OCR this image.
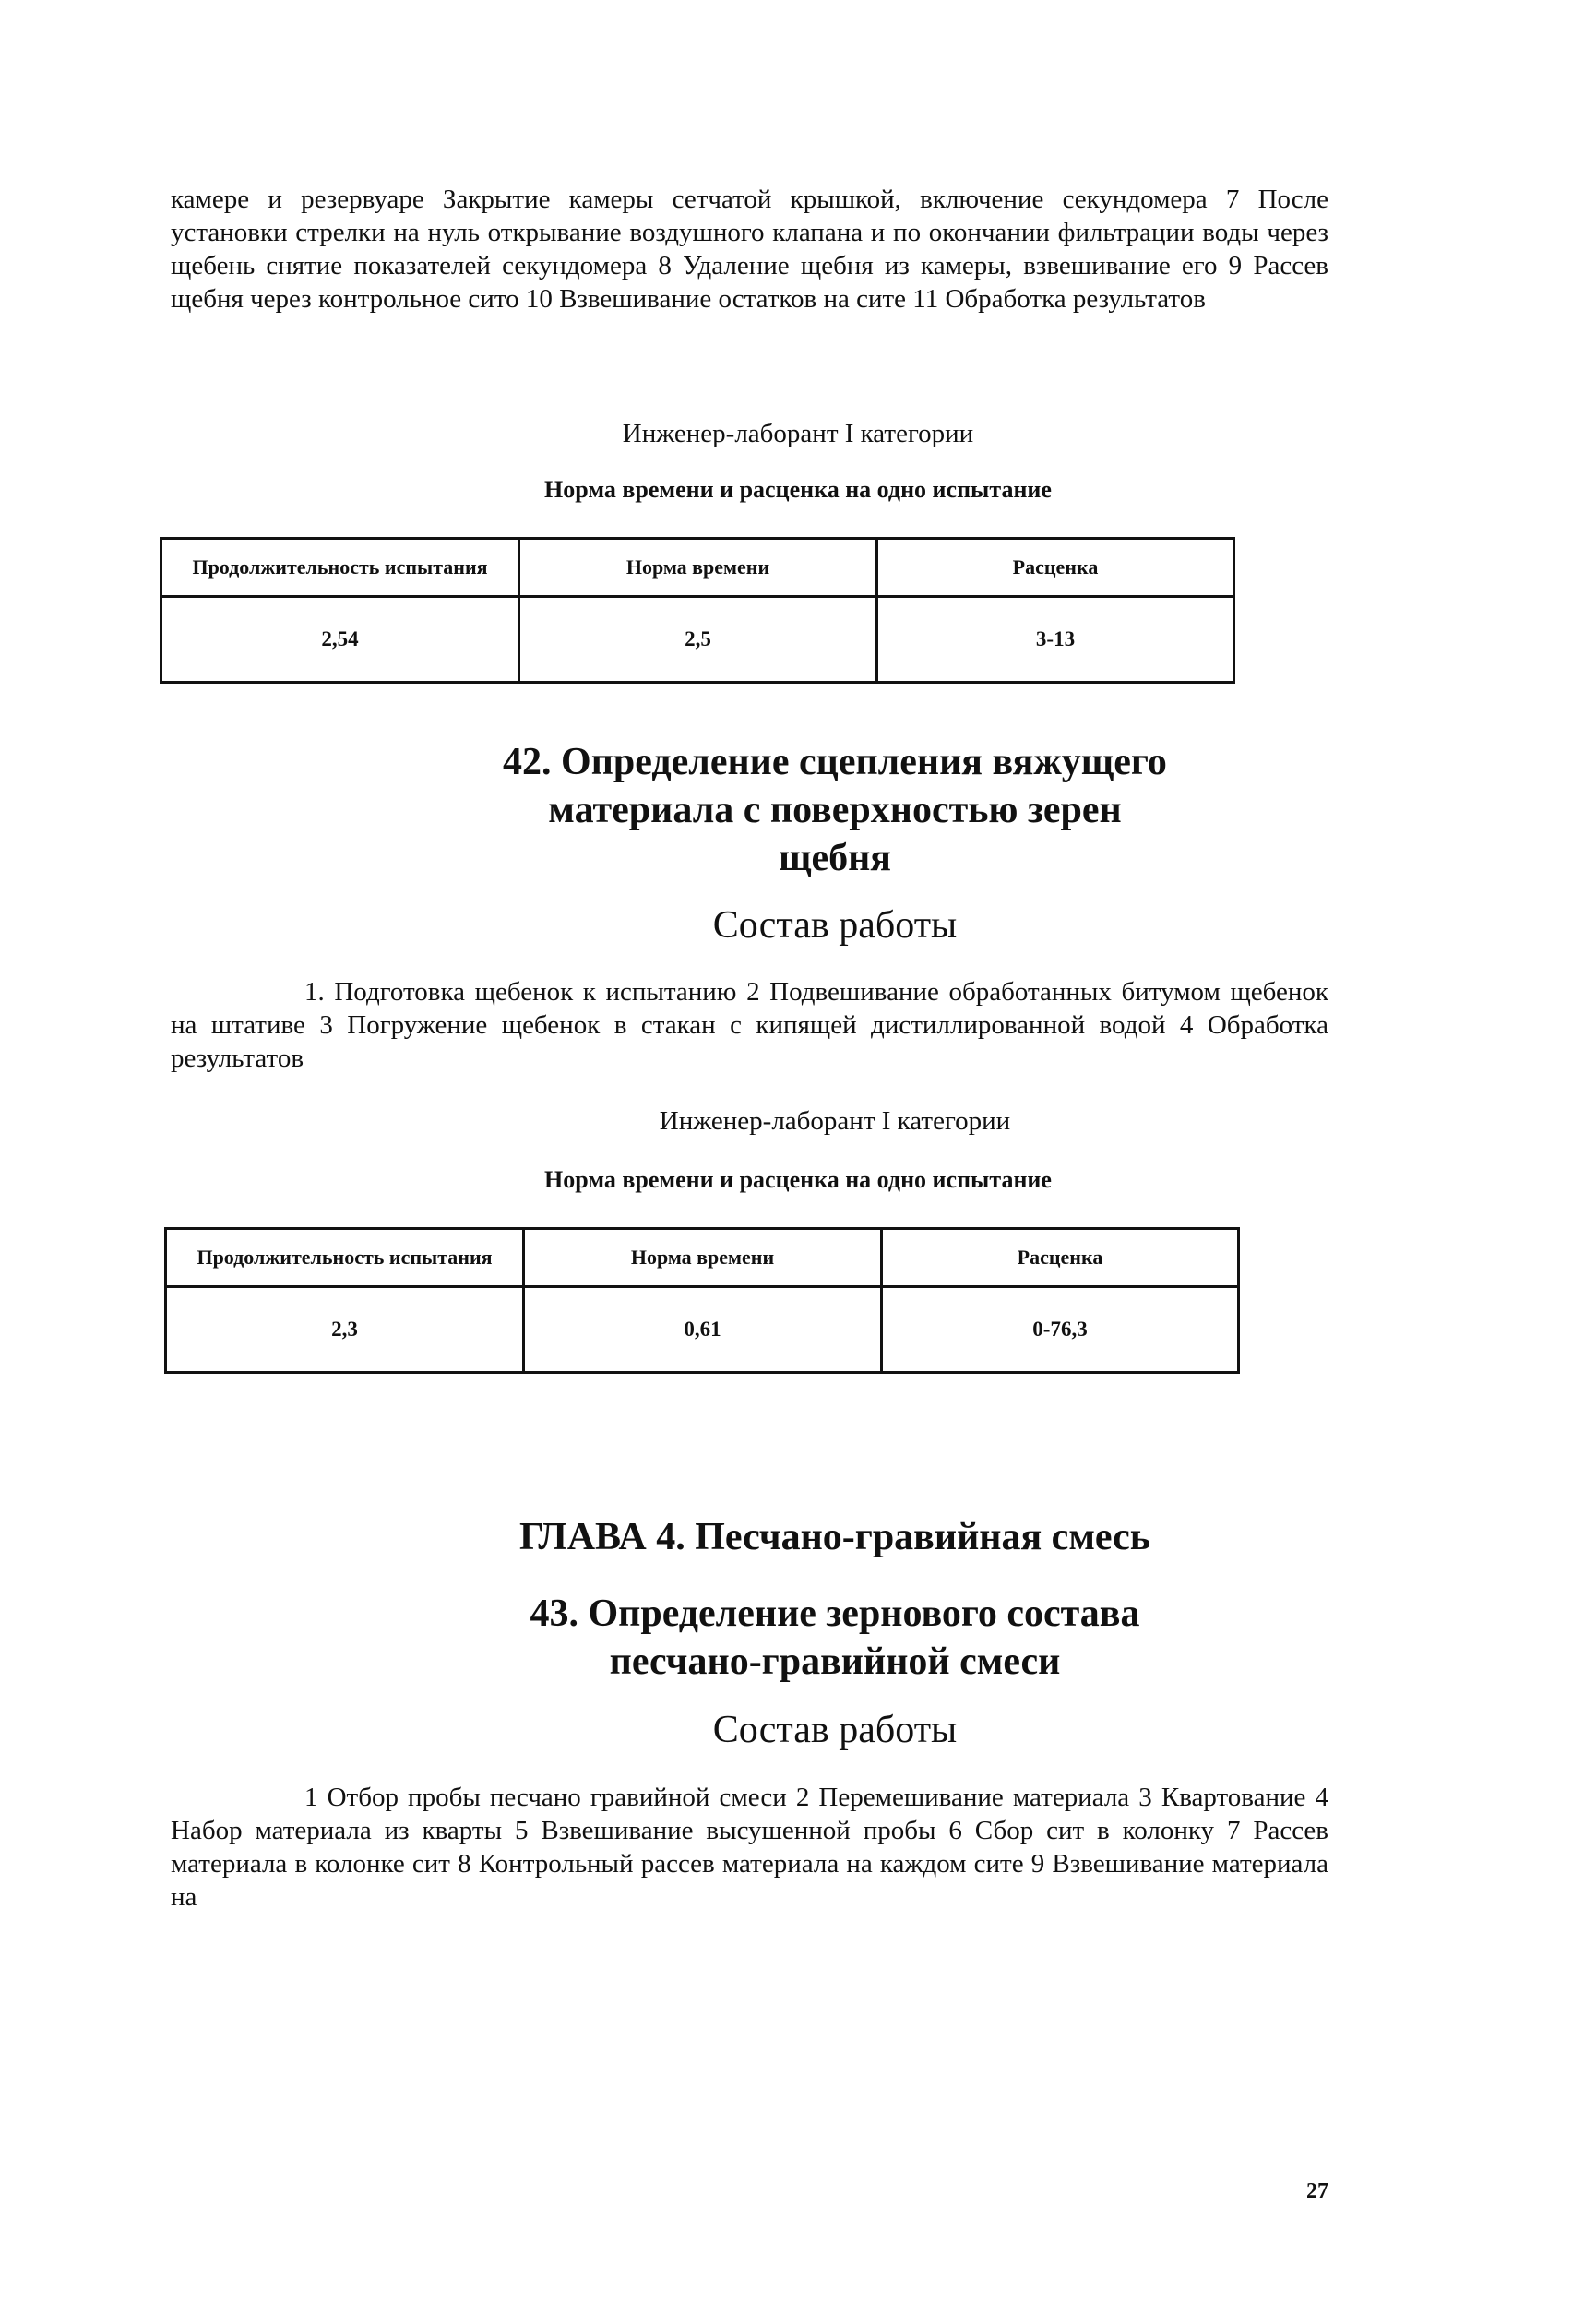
камере и резервуаре Закрытие камеры сетчатой крышкой, включение секундомера 7 После установки стрелки на нуль открывание воздушного клапана и по окончании фильтрации воды через щебень снятие показателей секундомера 8 Удаление щебня из камеры, взвешивание его 9 Рассев щебня через контрольное сито 10 Взвешивание остатков на сите 11 Обработка результатов

Инженер-лаборант I категории

Норма времени и расценка на одно испытание

Продолжительность испытания	Норма времени	Расценка
2,54	2,5	3-13
42. Определение сцепления вяжущего
материала с поверхностью зерен
щебня

Состав работы

1. Подготовка щебенок к испытанию 2 Подвешивание обработанных битумом щебенок на штативе 3 Погружение щебенок в стакан с кипящей дистиллированной водой 4 Обработка результатов

Инженер-лаборант I категории

Норма времени и расценка на одно испытание

Продолжительность испытания	Норма времени	Расценка
2,3	0,61	0-76,3

ГЛАВА 4. Песчано-гравийная смесь

43. Определение зернового состава
песчано-гравийной смеси

Состав работы

1 Отбор пробы песчано гравийной смеси 2 Перемешивание материала 3 Квартование 4 Набор материала из кварты 5 Взвешивание высушенной пробы 6 Сбор сит в колонку 7 Рассев материала в колонке сит 8 Контрольный рассев материала на каждом сите 9 Взвешивание материала на

27
